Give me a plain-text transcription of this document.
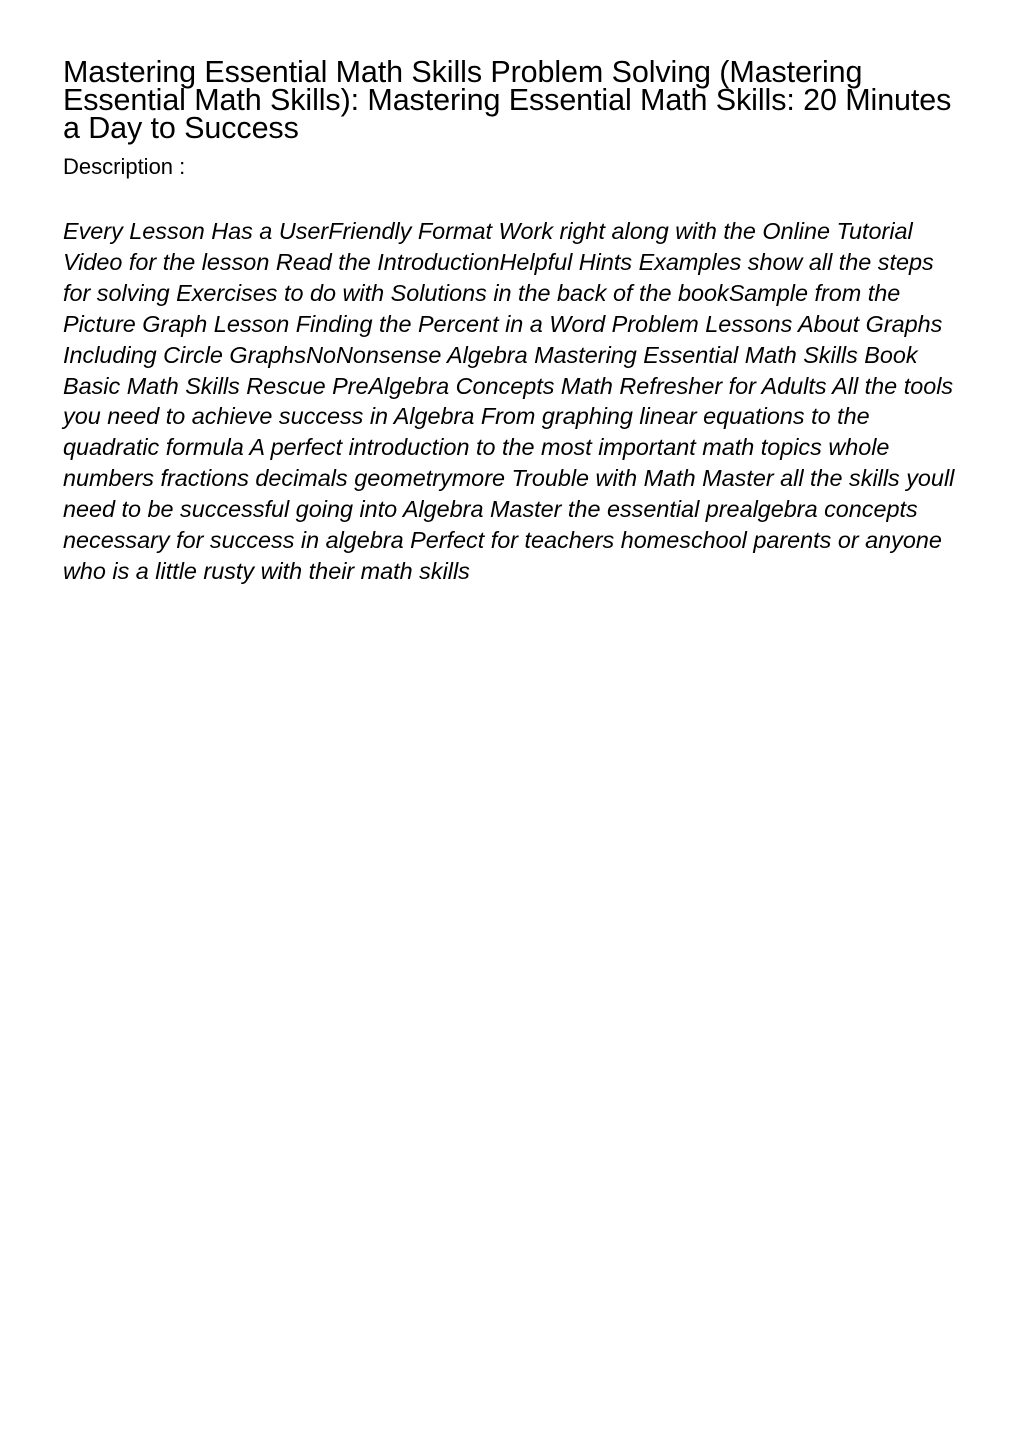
Mastering Essential Math Skills Problem Solving (Mastering Essential Math Skills): Mastering Essential Math Skills: 20 Minutes a Day to Success
Description :

Every Lesson Has a UserFriendly Format Work right along with the Online Tutorial Video for the lesson Read the IntroductionHelpful Hints Examples show all the steps for solving Exercises to do with Solutions in the back of the bookSample from the Picture Graph Lesson Finding the Percent in a Word Problem Lessons About Graphs Including Circle GraphsNoNonsense Algebra Mastering Essential Math Skills Book Basic Math Skills Rescue PreAlgebra Concepts Math Refresher for Adults All the tools you need to achieve success in Algebra From graphing linear equations to the quadratic formula A perfect introduction to the most important math topics whole numbers fractions decimals geometrymore Trouble with Math Master all the skills youll need to be successful going into Algebra Master the essential prealgebra concepts necessary for success in algebra Perfect for teachers homeschool parents or anyone who is a little rusty with their math skills
